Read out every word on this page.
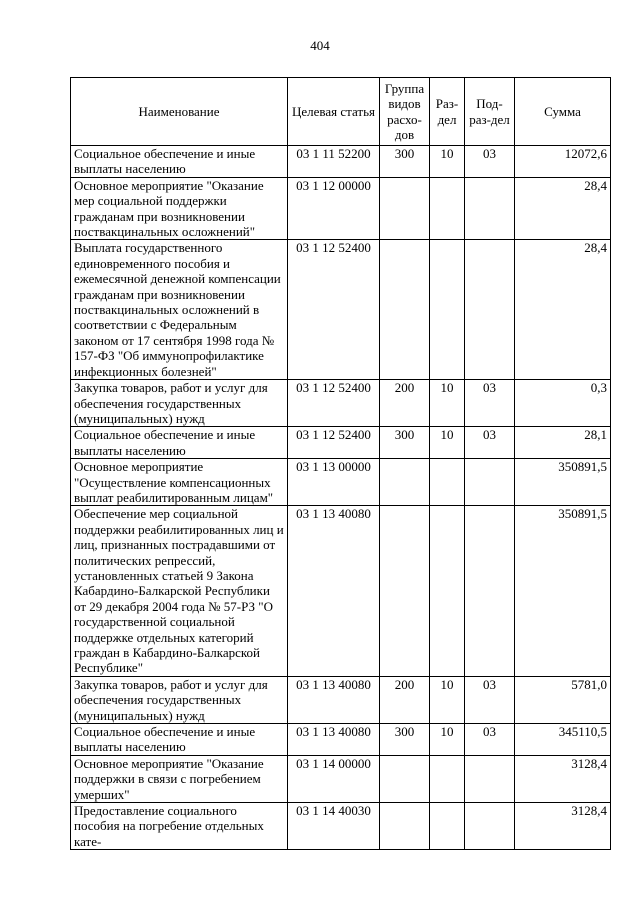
404
Наименование	Целевая статья	Группа видов расхо-дов	Раз-дел	Под-раз-дел	Сумма
Социальное обеспечение и иные выплаты населению	03 1 11 52200	300	10	03	12072,6
Основное мероприятие "Оказание мер социальной поддержки гражданам при возникновении поствакцинальных осложнений"	03 1 12 00000				28,4
Выплата государственного единовременного пособия и ежемесячной денежной компенсации гражданам при возникновении поствакцинальных осложнений в соответствии с Федеральным законом от 17 сентября 1998 года № 157-ФЗ "Об иммунопрофилактике инфекционных болезней"	03 1 12 52400				28,4
Закупка товаров, работ и услуг для обеспечения государственных (муниципальных) нужд	03 1 12 52400	200	10	03	0,3
Социальное обеспечение и иные выплаты населению	03 1 12 52400	300	10	03	28,1
Основное мероприятие "Осуществление компенсационных выплат реабилитированным лицам"	03 1 13 00000				350891,5
Обеспечение мер социальной поддержки реабилитированных лиц и лиц, признанных пострадавшими от политических репрессий, установленных статьей 9 Закона Кабардино-Балкарской Республики от 29 декабря 2004 года № 57-РЗ "О государственной социальной поддержке отдельных категорий граждан в Кабардино-Балкарской Республике"	03 1 13 40080				350891,5
Закупка товаров, работ и услуг для обеспечения государственных (муниципальных) нужд	03 1 13 40080	200	10	03	5781,0
Социальное обеспечение и иные выплаты населению	03 1 13 40080	300	10	03	345110,5
Основное мероприятие "Оказание поддержки в связи с погребением умерших"	03 1 14 00000				3128,4
Предоставление социального пособия на погребение отдельных кате-	03 1 14 40030				3128,4
